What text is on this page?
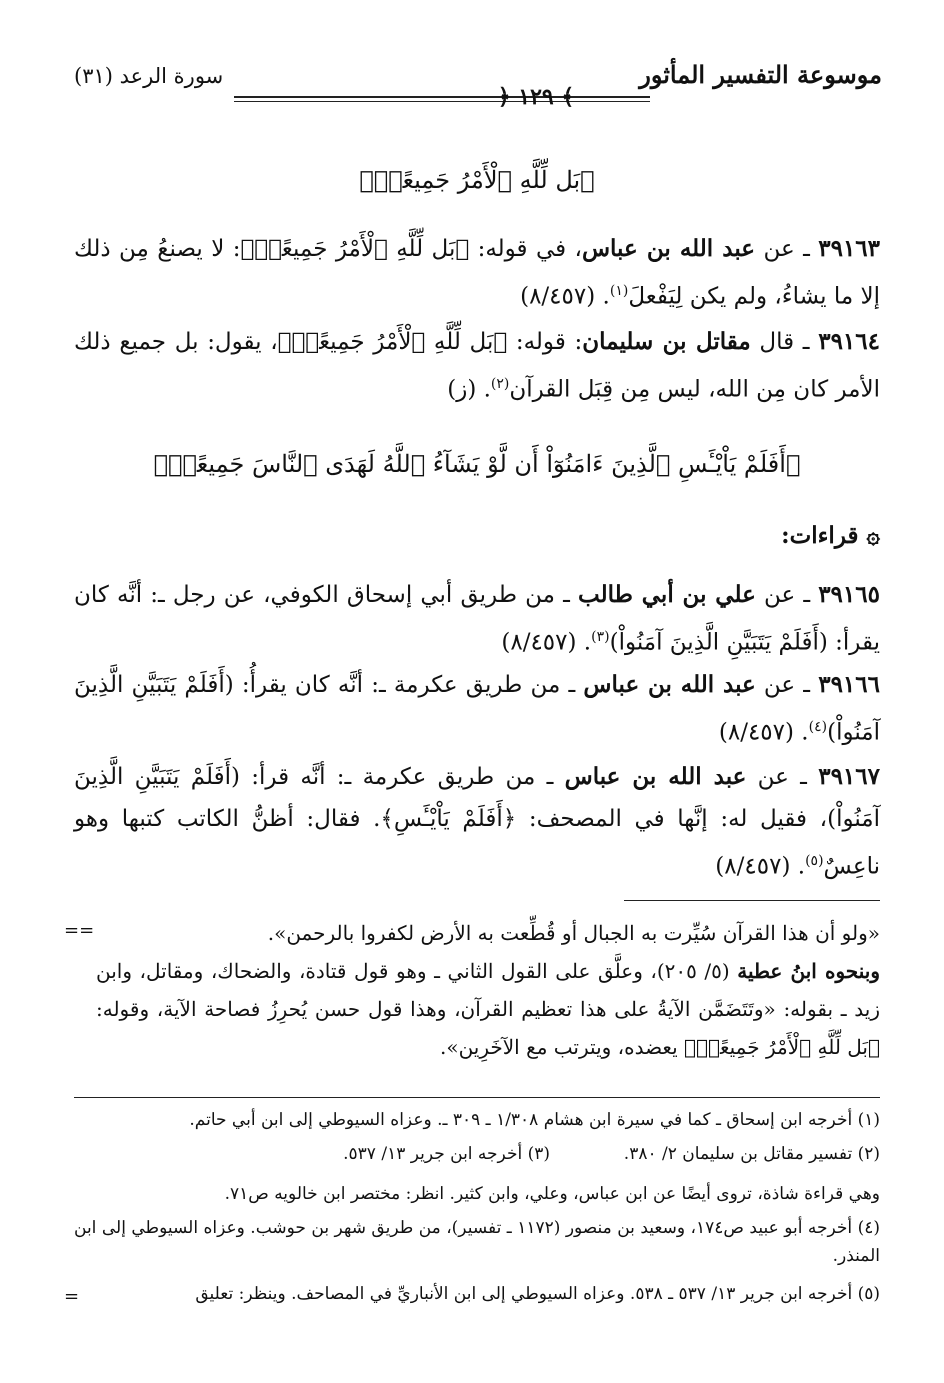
موسوعة التفسير المأثور
﴾ ١٢٩ ﴿
سورة الرعد (٣١)
﴿بَل لِّلَّهِ ٱلْأَمْرُ جَمِيعًاۗ﴾
٣٩١٦٣ ـ عن عبد الله بن عباس، في قوله: ﴿بَل لِّلَّهِ ٱلْأَمْرُ جَمِيعًاۗ﴾: لا يصنعُ مِن ذلك إلا ما يشاءُ، ولم يكن لِيَفْعلَ$^{(١)}$. (٨/٤٥٧)
٣٩١٦٤ ـ قال مقاتل بن سليمان: قوله: ﴿بَل لِّلَّهِ ٱلْأَمْرُ جَمِيعًاۗ﴾، يقول: بل جميع ذلك الأمر كان مِن الله، ليس مِن قِبَل القرآن$^{(٢)}$. (ز)
﴿أَفَلَمْ يَاْيْـَٔسِ ٱلَّذِينَ ءَامَنُوٓاْ أَن لَّوْ يَشَآءُ ٱللَّهُ لَهَدَى ٱلنَّاسَ جَمِيعًاۗ﴾
۞ قراءات:
٣٩١٦٥ ـ عن علي بن أبي طالب ـ من طريق أبي إسحاق الكوفي، عن رجل ـ: أنَّه كان يقرأ: (أَفَلَمْ يَتَبَيَّنِ الَّذِينَ آمَنُواْ)$^{(٣)}$. (٨/٤٥٧)
٣٩١٦٦ ـ عن عبد الله بن عباس ـ من طريق عكرمة ـ: أنَّه كان يقرأُ: (أَفَلَمْ يَتَبَيَّنِ الَّذِينَ آمَنُواْ)$^{(٤)}$. (٨/٤٥٧)
٣٩١٦٧ ـ عن عبد الله بن عباس ـ من طريق عكرمة ـ: أنَّه قرأ: (أَفَلَمْ يَتَبَيَّنِ الَّذِينَ آمَنُواْ)، فقيل له: إنَّها في المصحف: ﴿أَفَلَمْ يَاْيْـَٔسِ﴾. فقال: أظنُّ الكاتب كتبها وهو ناعِسٌ$^{(٥)}$. (٨/٤٥٧)
==	«ولو أن هذا القرآن سُيِّرت به الجبال أو قُطِّعت به الأرض لكفروا بالرحمن».
وبنحوه ابنُ عطية (٥/ ٢٠٥)، وعلَّق على القول الثاني ـ وهو قول قتادة، والضحاك، ومقاتل، وابن زيد ـ بقوله: «وتَتَضَمَّن الآيةُ على هذا تعظيم القرآن، وهذا قول حسن يُحرِزُ فصاحة الآية، وقوله: ﴿بَل لِّلَّهِ ٱلْأَمْرُ جَمِيعًاۗ﴾ يعضده، ويترتب مع الآخَرِين».
(١) أخرجه ابن إسحاق ـ كما في سيرة ابن هشام ١/٣٠٨ ـ ٣٠٩ ـ. وعزاه السيوطي إلى ابن أبي حاتم.
(٢) تفسير مقاتل بن سليمان ٢/ ٣٨٠.(٣) أخرجه ابن جرير ١٣/ ٥٣٧.
وهي قراءة شاذة، تروى أيضًا عن ابن عباس، وعلي، وابن كثير. انظر: مختصر ابن خالويه ص٧١.
(٤) أخرجه أبو عبيد ص١٧٤، وسعيد بن منصور (١١٧٢ ـ تفسير)، من طريق شهر بن حوشب. وعزاه السيوطي إلى ابن المنذر.
(٥) أخرجه ابن جرير ١٣/ ٥٣٧ ـ ٥٣٨. وعزاه السيوطي إلى ابن الأنباريِّ في المصاحف. وينظر: تعليق
=
